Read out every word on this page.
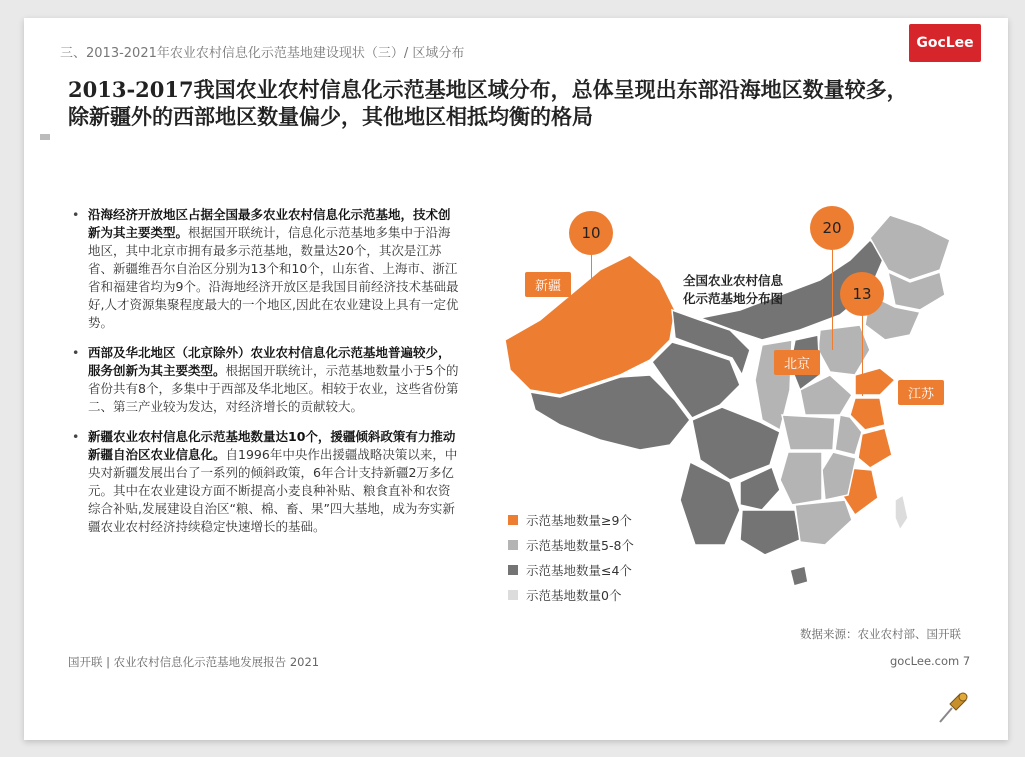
三、2013-2021年农业农村信息化示范基地建设现状（三）/ 区域分布
GocLee
2013-2017我国农业农村信息化示范基地区域分布，总体呈现出东部沿海地区数量较多，除新疆外的西部地区数量偏少，其他地区相抵均衡的格局
• 沿海经济开放地区占据全国最多农业农村信息化示范基地，技术创新为其主要类型。根据国开联统计，信息化示范基地多集中于沿海地区，其中北京市拥有最多示范基地，数量达20个，其次是江苏省、新疆维吾尔自治区分别为13个和10个，山东省、上海市、浙江省和福建省均为9个。沿海地经济开放区是我国目前经济技术基础最好,人才资源集聚程度最大的一个地区,因此在农业建设上具有一定优势。
• 西部及华北地区（北京除外）农业农村信息化示范基地普遍较少，服务创新为其主要类型。根据国开联统计，示范基地数量小于5个的省份共有8个，多集中于西部及华北地区。相较于农业，这些省份第二、第三产业较为发达，对经济增长的贡献较大。
• 新疆农业农村信息化示范基地数量达10个，援疆倾斜政策有力推动新疆自治区农业信息化。自1996年中央作出援疆战略决策以来，中央对新疆发展出台了一系列的倾斜政策，6年合计支持新疆2万多亿元。其中在农业建设方面不断提高小麦良种补贴、粮食直补和农资综合补贴,发展建设自治区“粮、棉、畜、果”四大基地，成为夯实新疆农业农村经济持续稳定快速增长的基础。
10
新疆
20
北京
13
江苏
全国农业农村信息
化示范基地分布图
示范基地数量≥9个
示范基地数量5-8个
示范基地数量≤4个
示范基地数量0个
数据来源：农业农村部、国开联
国开联 | 农业农村信息化示范基地发展报告 2021	gocLee.com 7
